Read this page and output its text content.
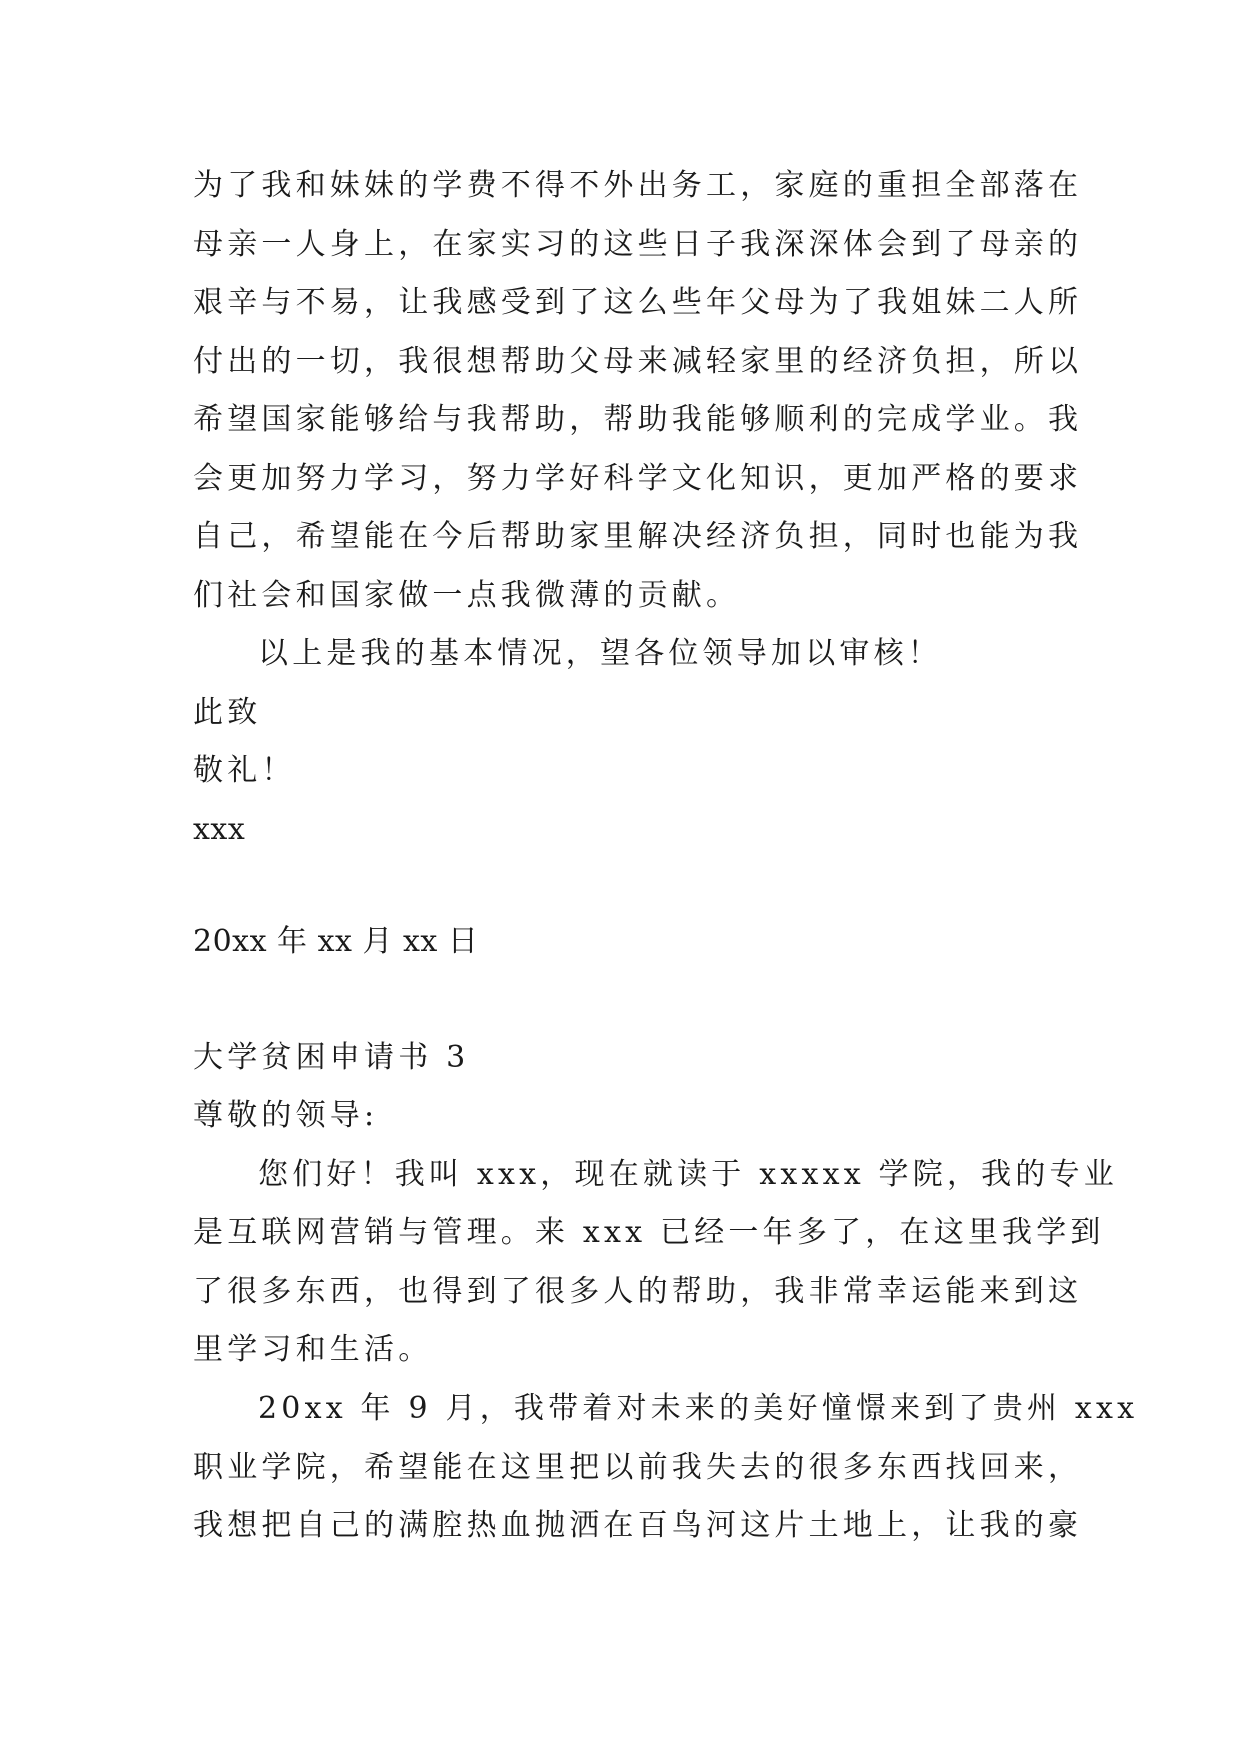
为了我和妹妹的学费不得不外出务工，家庭的重担全部落在
母亲一人身上，在家实习的这些日子我深深体会到了母亲的
艰辛与不易，让我感受到了这么些年父母为了我姐妹二人所
付出的一切，我很想帮助父母来减轻家里的经济负担，所以
希望国家能够给与我帮助，帮助我能够顺利的完成学业。我
会更加努力学习，努力学好科学文化知识，更加严格的要求
自己，希望能在今后帮助家里解决经济负担，同时也能为我
们社会和国家做一点我微薄的贡献。
以上是我的基本情况，望各位领导加以审核！
此致
敬礼！
xxx
20xx 年 xx 月 xx 日
大学贫困申请书 3
尊敬的领导:
您们好！我叫 xxx，现在就读于 xxxxx 学院，我的专业
是互联网营销与管理。来 xxx 已经一年多了，在这里我学到
了很多东西，也得到了很多人的帮助，我非常幸运能来到这
里学习和生活。
20xx 年 9 月，我带着对未来的美好憧憬来到了贵州 xxx
职业学院，希望能在这里把以前我失去的很多东西找回来，
我想把自己的满腔热血抛洒在百鸟河这片土地上，让我的豪
